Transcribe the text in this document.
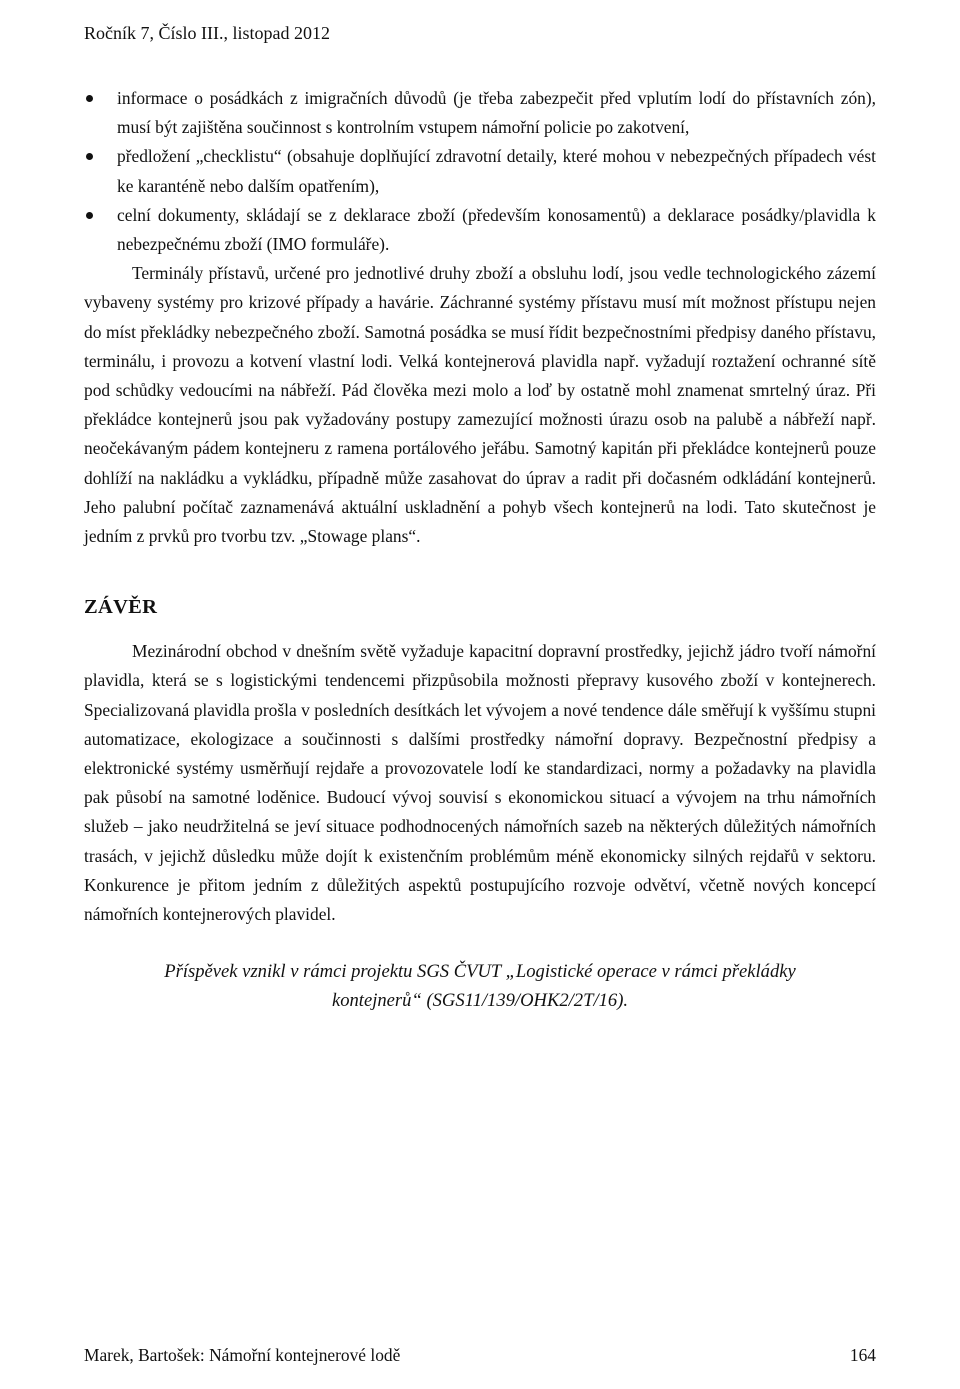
Ročník 7, Číslo III., listopad 2012
informace o posádkách z imigračních důvodů (je třeba zabezpečit před vplutím lodí do přístavních zón), musí být zajištěna součinnost s kontrolním vstupem námořní policie po zakotvení,
předložení „checklistu“ (obsahuje doplňující zdravotní detaily, které mohou v nebezpečných případech vést ke karanténě nebo dalším opatřením),
celní dokumenty, skládají se z deklarace zboží (především konosamentů) a deklarace posádky/plavidla k nebezpečnému zboží (IMO formuláře).

Terminály přístavů, určené pro jednotlivé druhy zboží a obsluhu lodí, jsou vedle technologického zázemí vybaveny systémy pro krizové případy a havárie. Záchranné systémy přístavu musí mít možnost přístupu nejen do míst překládky nebezpečného zboží. Samotná posádka se musí řídit bezpečnostními předpisy daného přístavu, terminálu, i provozu a kotvení vlastní lodi. Velká kontejnerová plavidla např. vyžadují roztažení ochranné sítě pod schůdky vedoucími na nábřeží. Pád člověka mezi molo a loď by ostatně mohl znamenat smrtelný úraz. Při překládce kontejnerů jsou pak vyžadovány postupy zamezující možnosti úrazu osob na palubě a nábřeží např. neočekávaným pádem kontejneru z ramena portálového jeřábu. Samotný kapitán při překládce kontejnerů pouze dohlíží na nakládku a vykládku, případně může zasahovat do úprav a radit při dočasném odkládání kontejnerů. Jeho palubní počítač zaznamenává aktuální uskladnění a pohyb všech kontejnerů na lodi. Tato skutečnost je jedním z prvků pro tvorbu tzv. „Stowage plans“.

ZÁVĚR

Mezinárodní obchod v dnešním světě vyžaduje kapacitní dopravní prostředky, jejichž jádro tvoří námořní plavidla, která se s logistickými tendencemi přizpůsobila možnosti přepravy kusového zboží v kontejnerech. Specializovaná plavidla prošla v posledních desítkách let vývojem a nové tendence dále směřují k vyššímu stupni automatizace, ekologizace a součinnosti s dalšími prostředky námořní dopravy. Bezpečnostní předpisy a elektronické systémy usměrňují rejdaře a provozovatele lodí ke standardizaci, normy a požadavky na plavidla pak působí na samotné loděnice. Budoucí vývoj souvisí s ekonomickou situací a vývojem na trhu námořních služeb – jako neudržitelná se jeví situace podhodnocených námořních sazeb na některých důležitých námořních trasách, v jejichž důsledku může dojít k existenčním problémům méně ekonomicky silných rejdařů v sektoru. Konkurence je přitom jedním z důležitých aspektů postupujícího rozvoje odvětví, včetně nových koncepcí námořních kontejnerových plavidel.

Příspěvek vznikl v rámci projektu SGS ČVUT „Logistické operace v rámci překládky kontejnerů“ (SGS11/139/OHK2/2T/16).

Marek, Bartošek: Námořní kontejnerové lodě	164
